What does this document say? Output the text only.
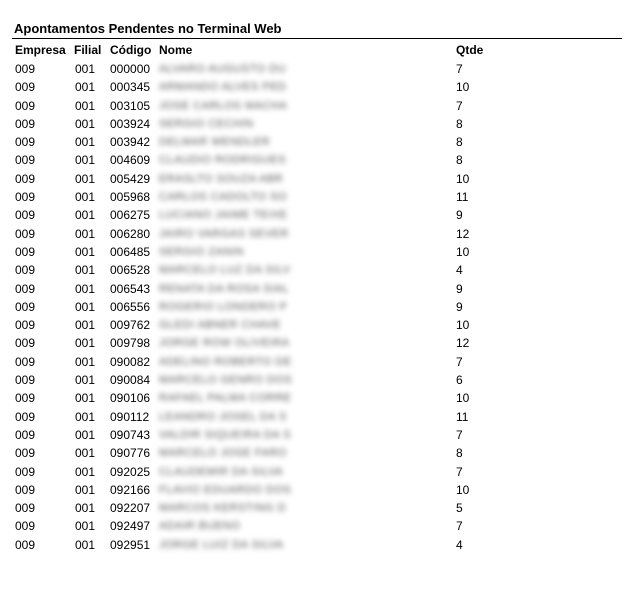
Apontamentos Pendentes no Terminal Web
Empresa Filial Código Nome	Qtde
009	001 000000 ALVARO AUGUSTO DU	7
009	001 000345 ARMANDO ALVES PED	10
009	001 003105 JOSE CARLOS MACHA	7
009	001 003924 SERGIO CECHIN	8
009	001 003942 DELMAR WENDLER	8
009	001 004609 CLAUDIO RODRIGUES	8
009	001 005429 ERASLTO SOUZA ABR	10
009	001 005968 CARLOS CADOLTO SO	11
009	001 006275 LUCIANO JAIME TEIXE	9
009	001 006280 JAIRO VARGAS SEVER	12
009	001 006485 SERGIO ZANIN	10
009	001 006528 MARCELO LUZ DA SILV	4
009	001 006543 RENATA DA ROSA SIAL	9
009	001 006556 ROGERIO LONDERO P	9
009	001 009762 GLEDI ABNER CHAVE	10
009	001 009798 JORGE ROW OLIVEIRA	12
009	001 090082 ADELINO ROBERTO DE	7
009	001 090084 MARCELO GENRO DOS	6
009	001 090106 RAFAEL PALMA CORRE	10
009	001 090112 LEANDRO JOSEL DA S	11
009	001 090743 VALDIR SIQUEIRA DA S	7
009	001 090776 MARCELO JOSE FARO	8
009	001 092025 CLAUDEMIR DA SILVA	7
009	001 092166 FLAVIO EDUARDO DOS	10
009	001 092207 MARCOS KERSTING D	5
009	001 092497 ADAIR BUENO	7
009	001 092951 JORGE LUIZ DA SILVA	4
